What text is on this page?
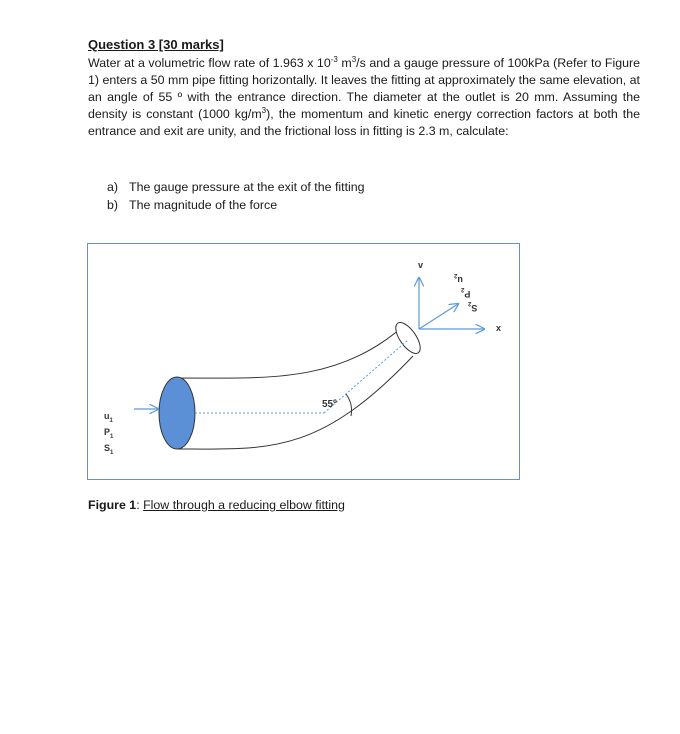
Question 3 [30 marks]
Water at a volumetric flow rate of 1.963 x $10^{-3}$ $m^3/s$ and a gauge pressure of 100kPa (Refer to Figure 1) enters a 50 mm pipe fitting horizontally. It leaves the fitting at approximately the same elevation, at an angle of 55 º with the entrance direction. The diameter at the outlet is 20 mm. Assuming the density is constant (1000 $kg/m^3$), the momentum and kinetic energy correction factors at both the entrance and exit are unity, and the frictional loss in fitting is 2.3 m, calculate:
a) The gauge pressure at the exit of the fitting
b) The magnitude of the force
55º
v
x
$u_1$
$P_1$
$S_1$
$u_2$
$P_2$
$S_2$
Figure 1: Flow through a reducing elbow fitting
